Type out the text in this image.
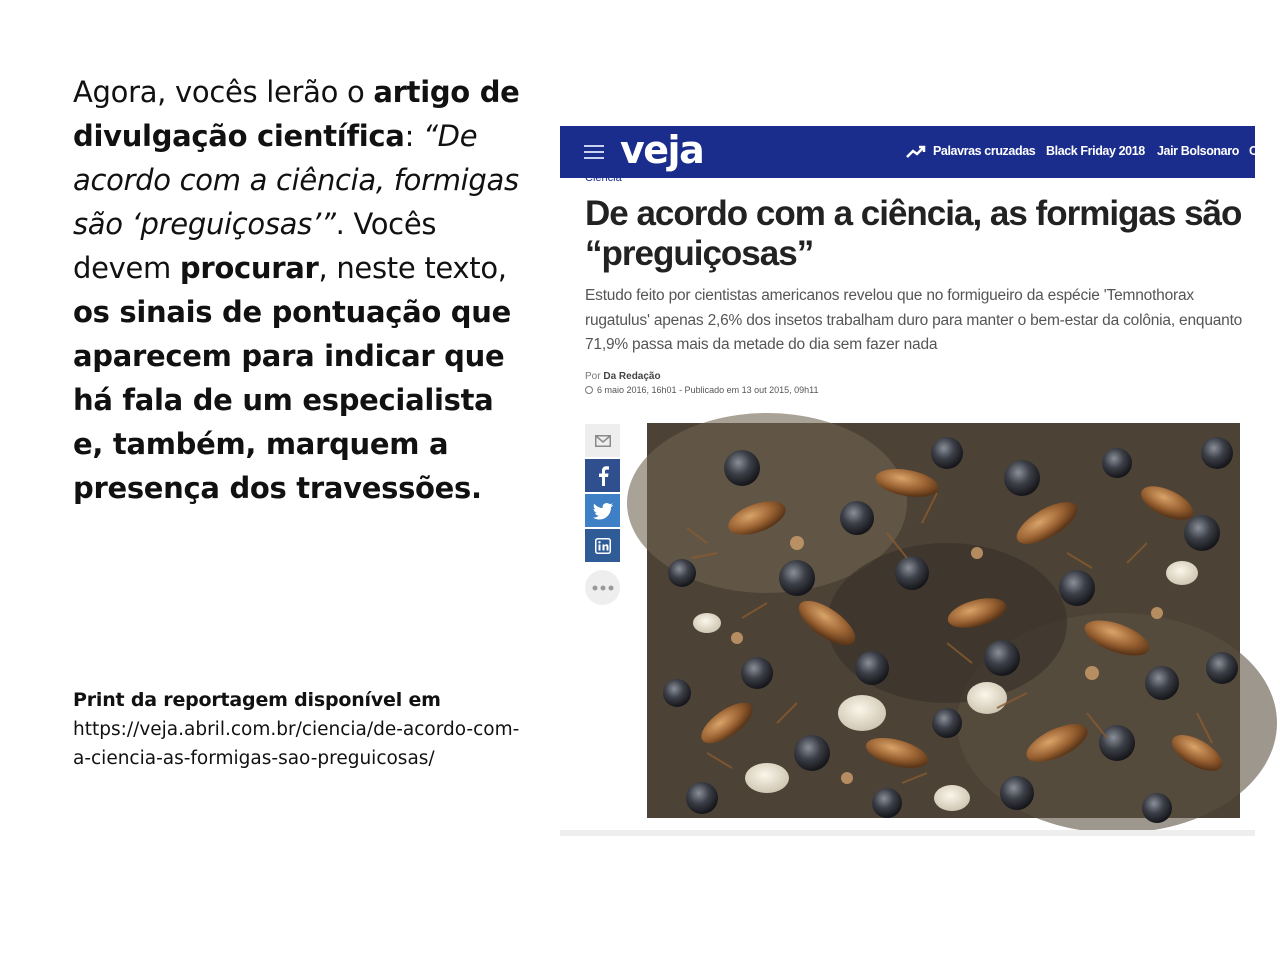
Agora, vocês lerão o artigo de divulgação científica: “De acordo com a ciência, formigas são ‘preguiçosas’”. Vocês devem procurar, neste texto, os sinais de pontuação que aparecem para indicar que há fala de um especialista e, também, marquem a presença dos travessões.
Print da reportagem disponível em
https://veja.abril.com.br/ciencia/de-acordo-com-a-ciencia-as-formigas-sao-preguicosas/
veja	Palavras cruzadas Black Friday 2018 Jair Bolsonaro C
Ciência
De acordo com a ciência, as formigas são “preguiçosas”

Estudo feito por cientistas americanos revelou que no formigueiro da espécie 'Temnothorax rugatulus' apenas 2,6% dos insetos trabalham duro para manter o bem-estar da colônia, enquanto 71,9% passa mais da metade do dia sem fazer nada

Por Da Redação
6 maio 2016, 16h01 - Publicado em 13 out 2015, 09h11
